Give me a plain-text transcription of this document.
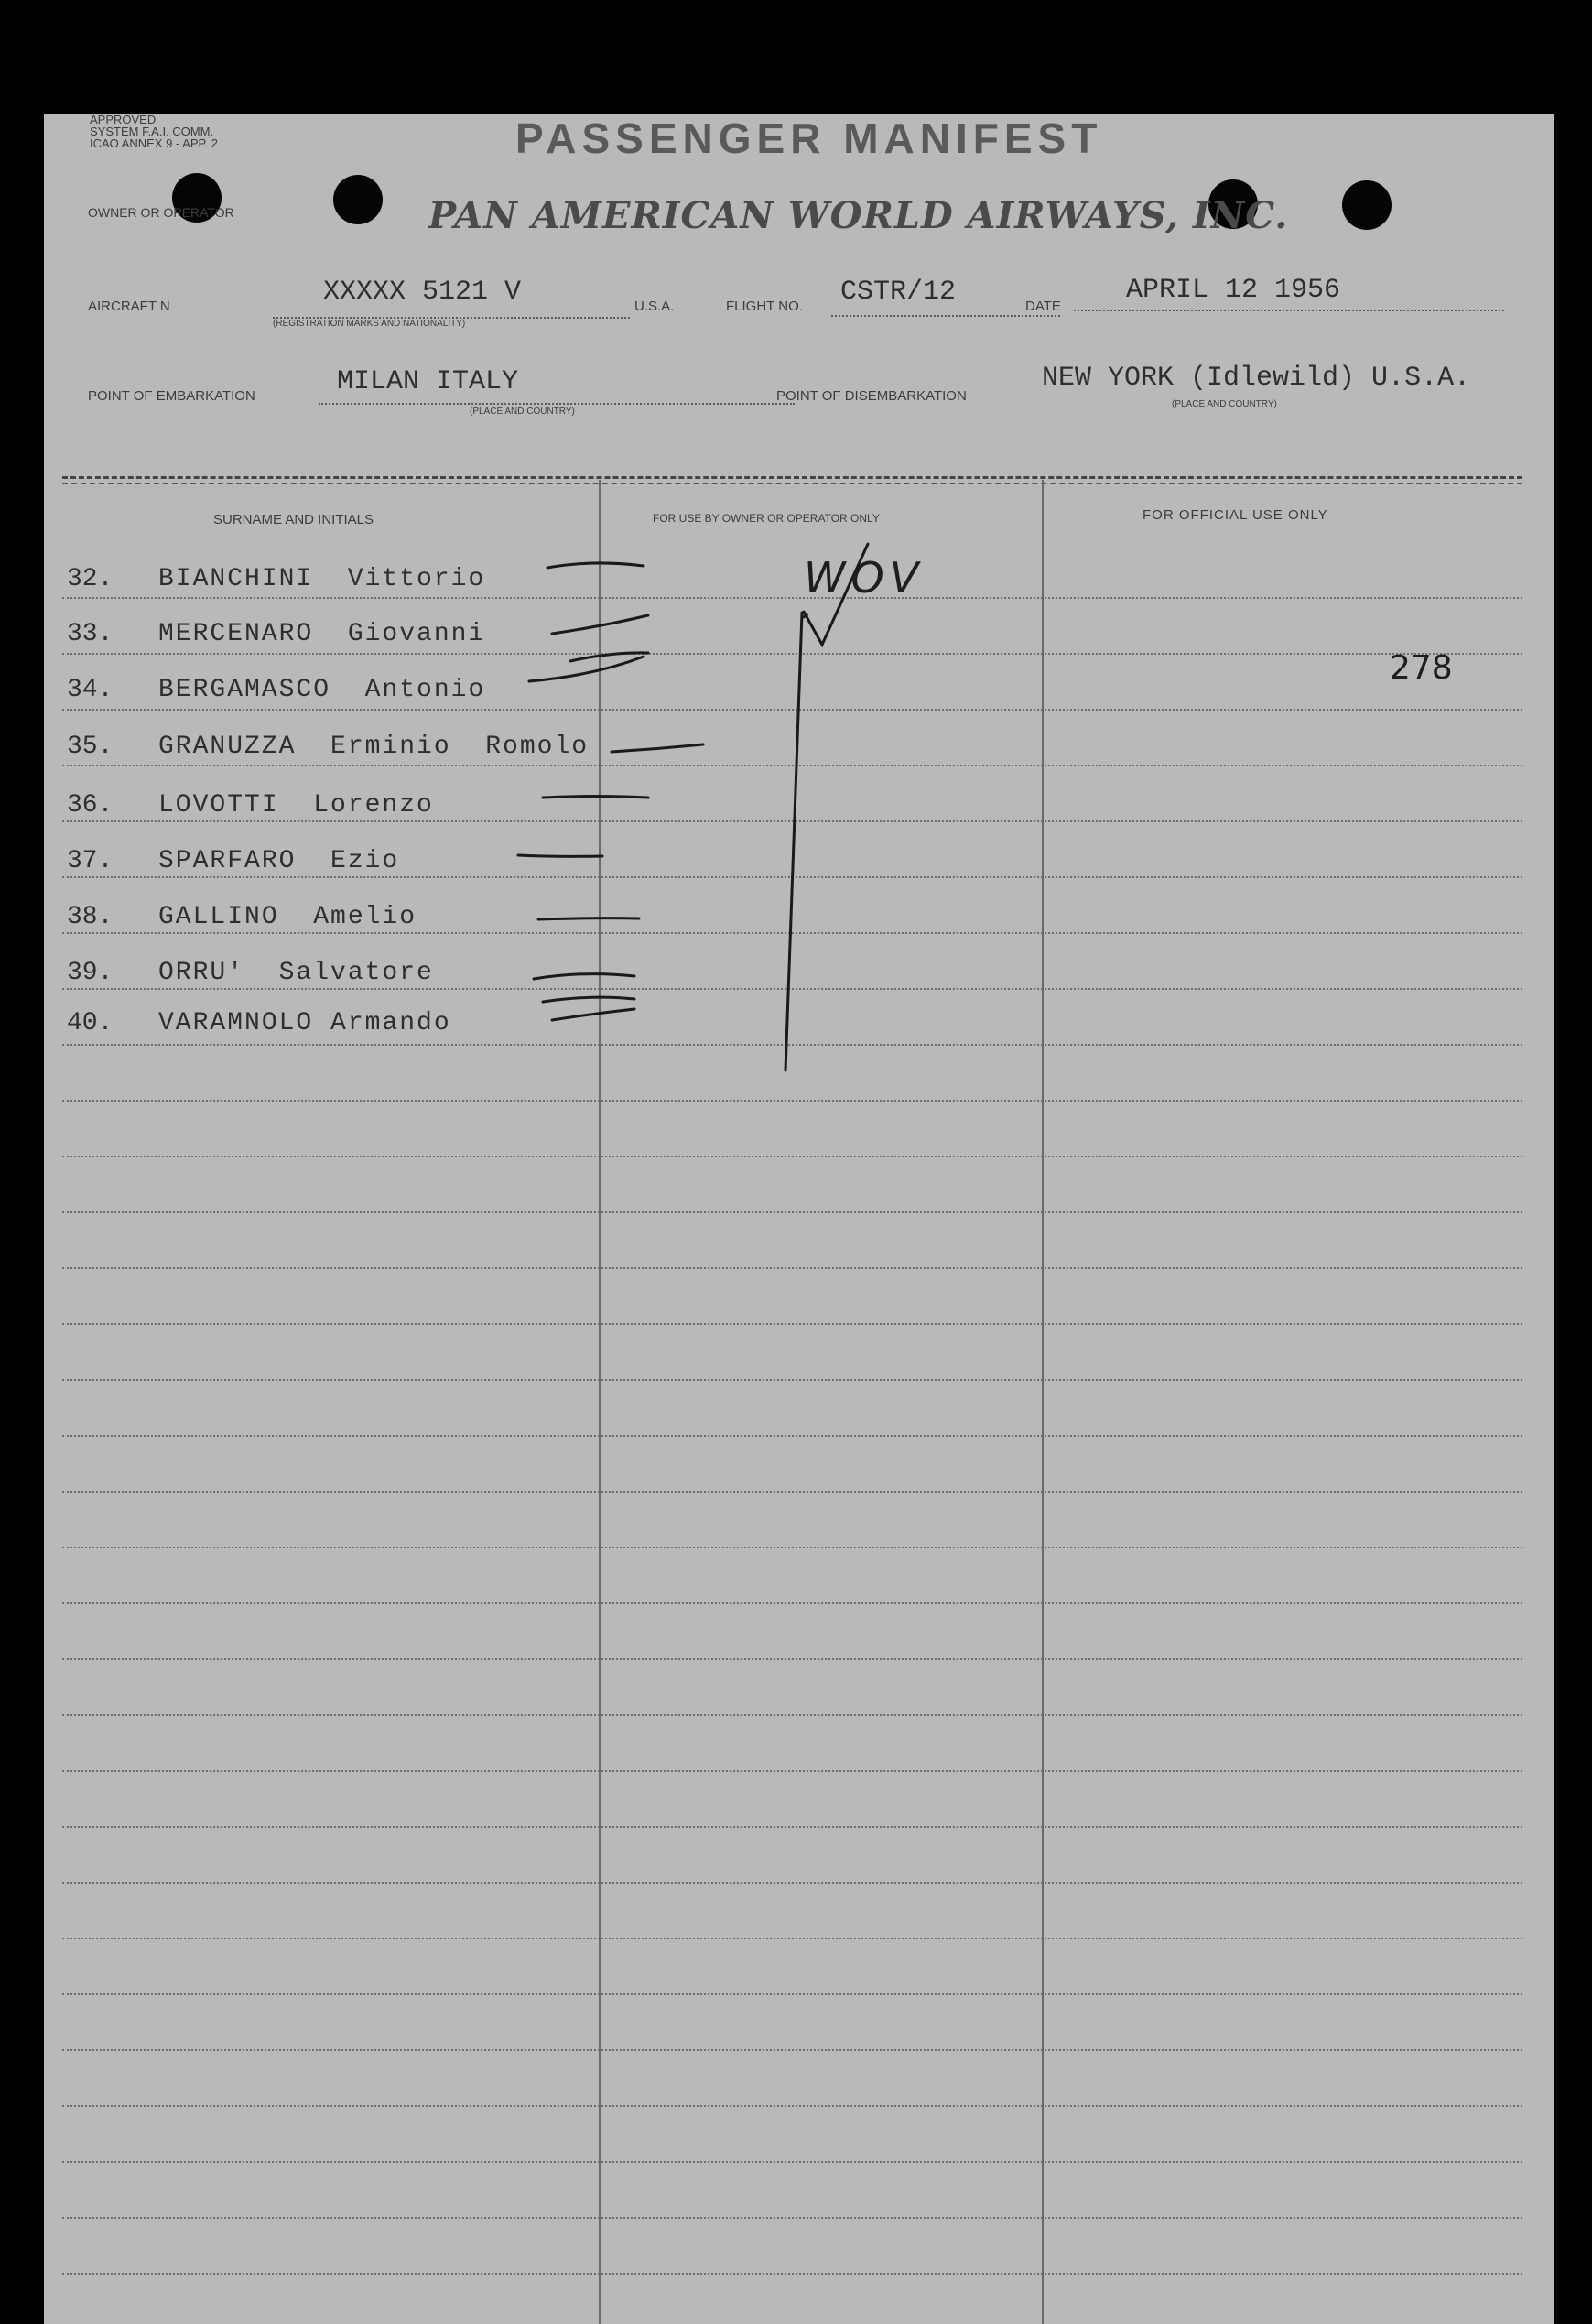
APPROVED
SYSTEM F.A.I. COMM.
ICAO ANNEX 9 - APP. 2	PASSENGER MANIFEST
OWNER OR OPERATOR	PAN AMERICAN WORLD AIRWAYS, INC.
AIRCRAFT N	XXXXX 5121 V
(REGISTRATION MARKS AND NATIONALITY)
U.S.A.	FLIGHT NO. CSTR/12	DATE
APRIL 12 1956
POINT OF EMBARKATION	MILAN ITALY
(PLACE AND COUNTRY)
POINT OF DISEMBARKATION
NEW YORK (Idlewild) U.S.A.
(PLACE AND COUNTRY)
SURNAME AND INITIALS	FOR USE BY OWNER OR OPERATOR ONLY	FOR OFFICIAL USE ONLY
32.	BIANCHINI  Vittorio
33.	MERCENARO  Giovanni
34.	BERGAMASCO  Antonio
35.	GRANUZZA  Erminio  Romolo
36.	LOVOTTI  Lorenzo
37.	SPARFARO  Ezio
38.	GALLINO  Amelio
39.	ORRU'  Salvatore
40.	VARAMNOLO Armando
WOV
278
